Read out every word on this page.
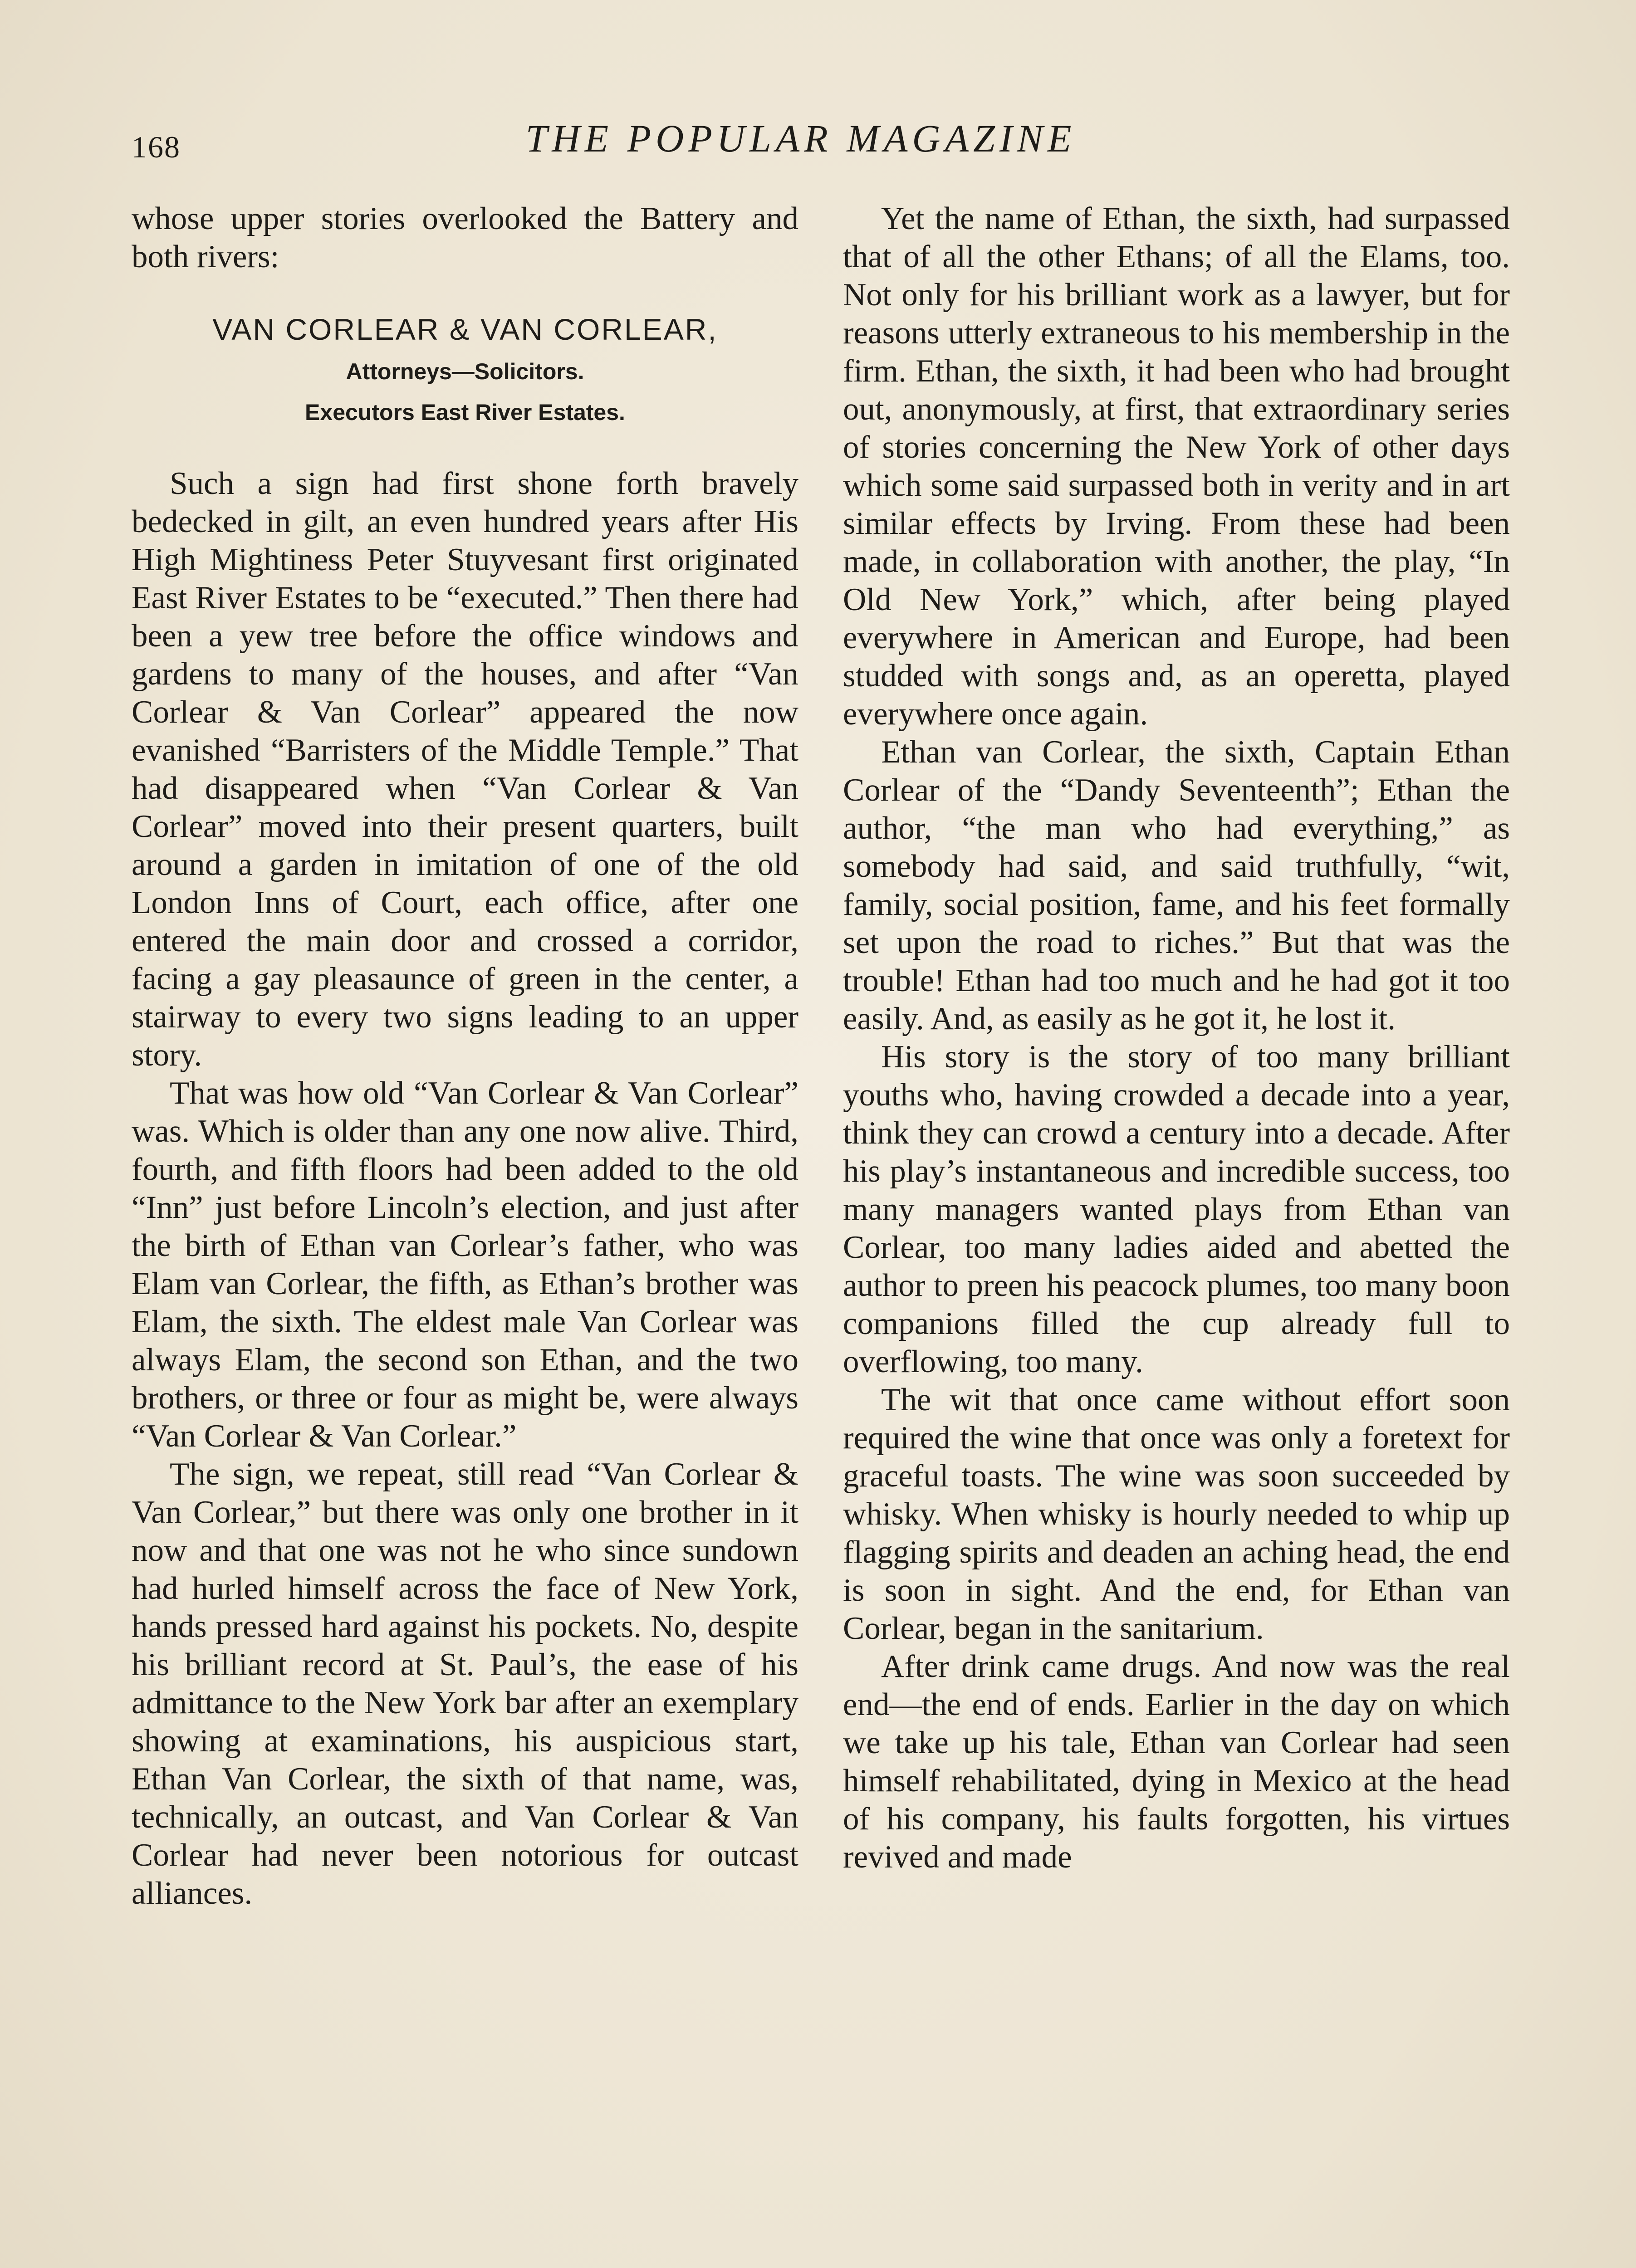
168	THE POPULAR MAGAZINE

whose upper stories overlooked the Battery and both rivers:

VAN CORLEAR & VAN CORLEAR,
Attorneys—Solicitors.
Executors East River Estates.

Such a sign had first shone forth bravely bedecked in gilt, an even hundred years after His High Mightiness Peter Stuyvesant first originated East River Estates to be “executed.” Then there had been a yew tree before the office windows and gardens to many of the houses, and after “Van Corlear & Van Corlear” appeared the now evanished “Barristers of the Middle Temple.” That had disappeared when “Van Corlear & Van Corlear” moved into their present quarters, built around a garden in imitation of one of the old London Inns of Court, each office, after one entered the main door and crossed a corridor, facing a gay pleasaunce of green in the center, a stairway to every two signs leading to an upper story.

That was how old “Van Corlear & Van Corlear” was. Which is older than any one now alive. Third, fourth, and fifth floors had been added to the old “Inn” just before Lincoln’s election, and just after the birth of Ethan van Corlear’s father, who was Elam van Corlear, the fifth, as Ethan’s brother was Elam, the sixth. The eldest male Van Corlear was always Elam, the second son Ethan, and the two brothers, or three or four as might be, were always “Van Corlear & Van Corlear.”

The sign, we repeat, still read “Van Corlear & Van Corlear,” but there was only one brother in it now and that one was not he who since sundown had hurled himself across the face of New York, hands pressed hard against his pockets. No, despite his brilliant record at St. Paul’s, the ease of his admittance to the New York bar after an exemplary showing at examinations, his auspicious start, Ethan Van Corlear, the sixth of that name, was, technically, an outcast, and Van Corlear & Van Corlear had never been notorious for outcast alliances.

Yet the name of Ethan, the sixth, had surpassed that of all the other Ethans; of all the Elams, too. Not only for his brilliant work as a lawyer, but for reasons utterly extraneous to his membership in the firm. Ethan, the sixth, it had been who had brought out, anonymously, at first, that extraordinary series of stories concerning the New York of other days which some said surpassed both in verity and in art similar effects by Irving. From these had been made, in collaboration with another, the play, “In Old New York,” which, after being played everywhere in American and Europe, had been studded with songs and, as an operetta, played everywhere once again.

Ethan van Corlear, the sixth, Captain Ethan Corlear of the “Dandy Seventeenth”; Ethan the author, “the man who had everything,” as somebody had said, and said truthfully, “wit, family, social position, fame, and his feet formally set upon the road to riches.” But that was the trouble! Ethan had too much and he had got it too easily. And, as easily as he got it, he lost it.

His story is the story of too many brilliant youths who, having crowded a decade into a year, think they can crowd a century into a decade. After his play’s instantaneous and incredible success, too many managers wanted plays from Ethan van Corlear, too many ladies aided and abetted the author to preen his peacock plumes, too many boon companions filled the cup already full to overflowing, too many.

The wit that once came without effort soon required the wine that once was only a foretext for graceful toasts. The wine was soon succeeded by whisky. When whisky is hourly needed to whip up flagging spirits and deaden an aching head, the end is soon in sight. And the end, for Ethan van Corlear, began in the sanitarium.

After drink came drugs. And now was the real end—the end of ends. Earlier in the day on which we take up his tale, Ethan van Corlear had seen himself rehabilitated, dying in Mexico at the head of his company, his faults forgotten, his virtues revived and made
